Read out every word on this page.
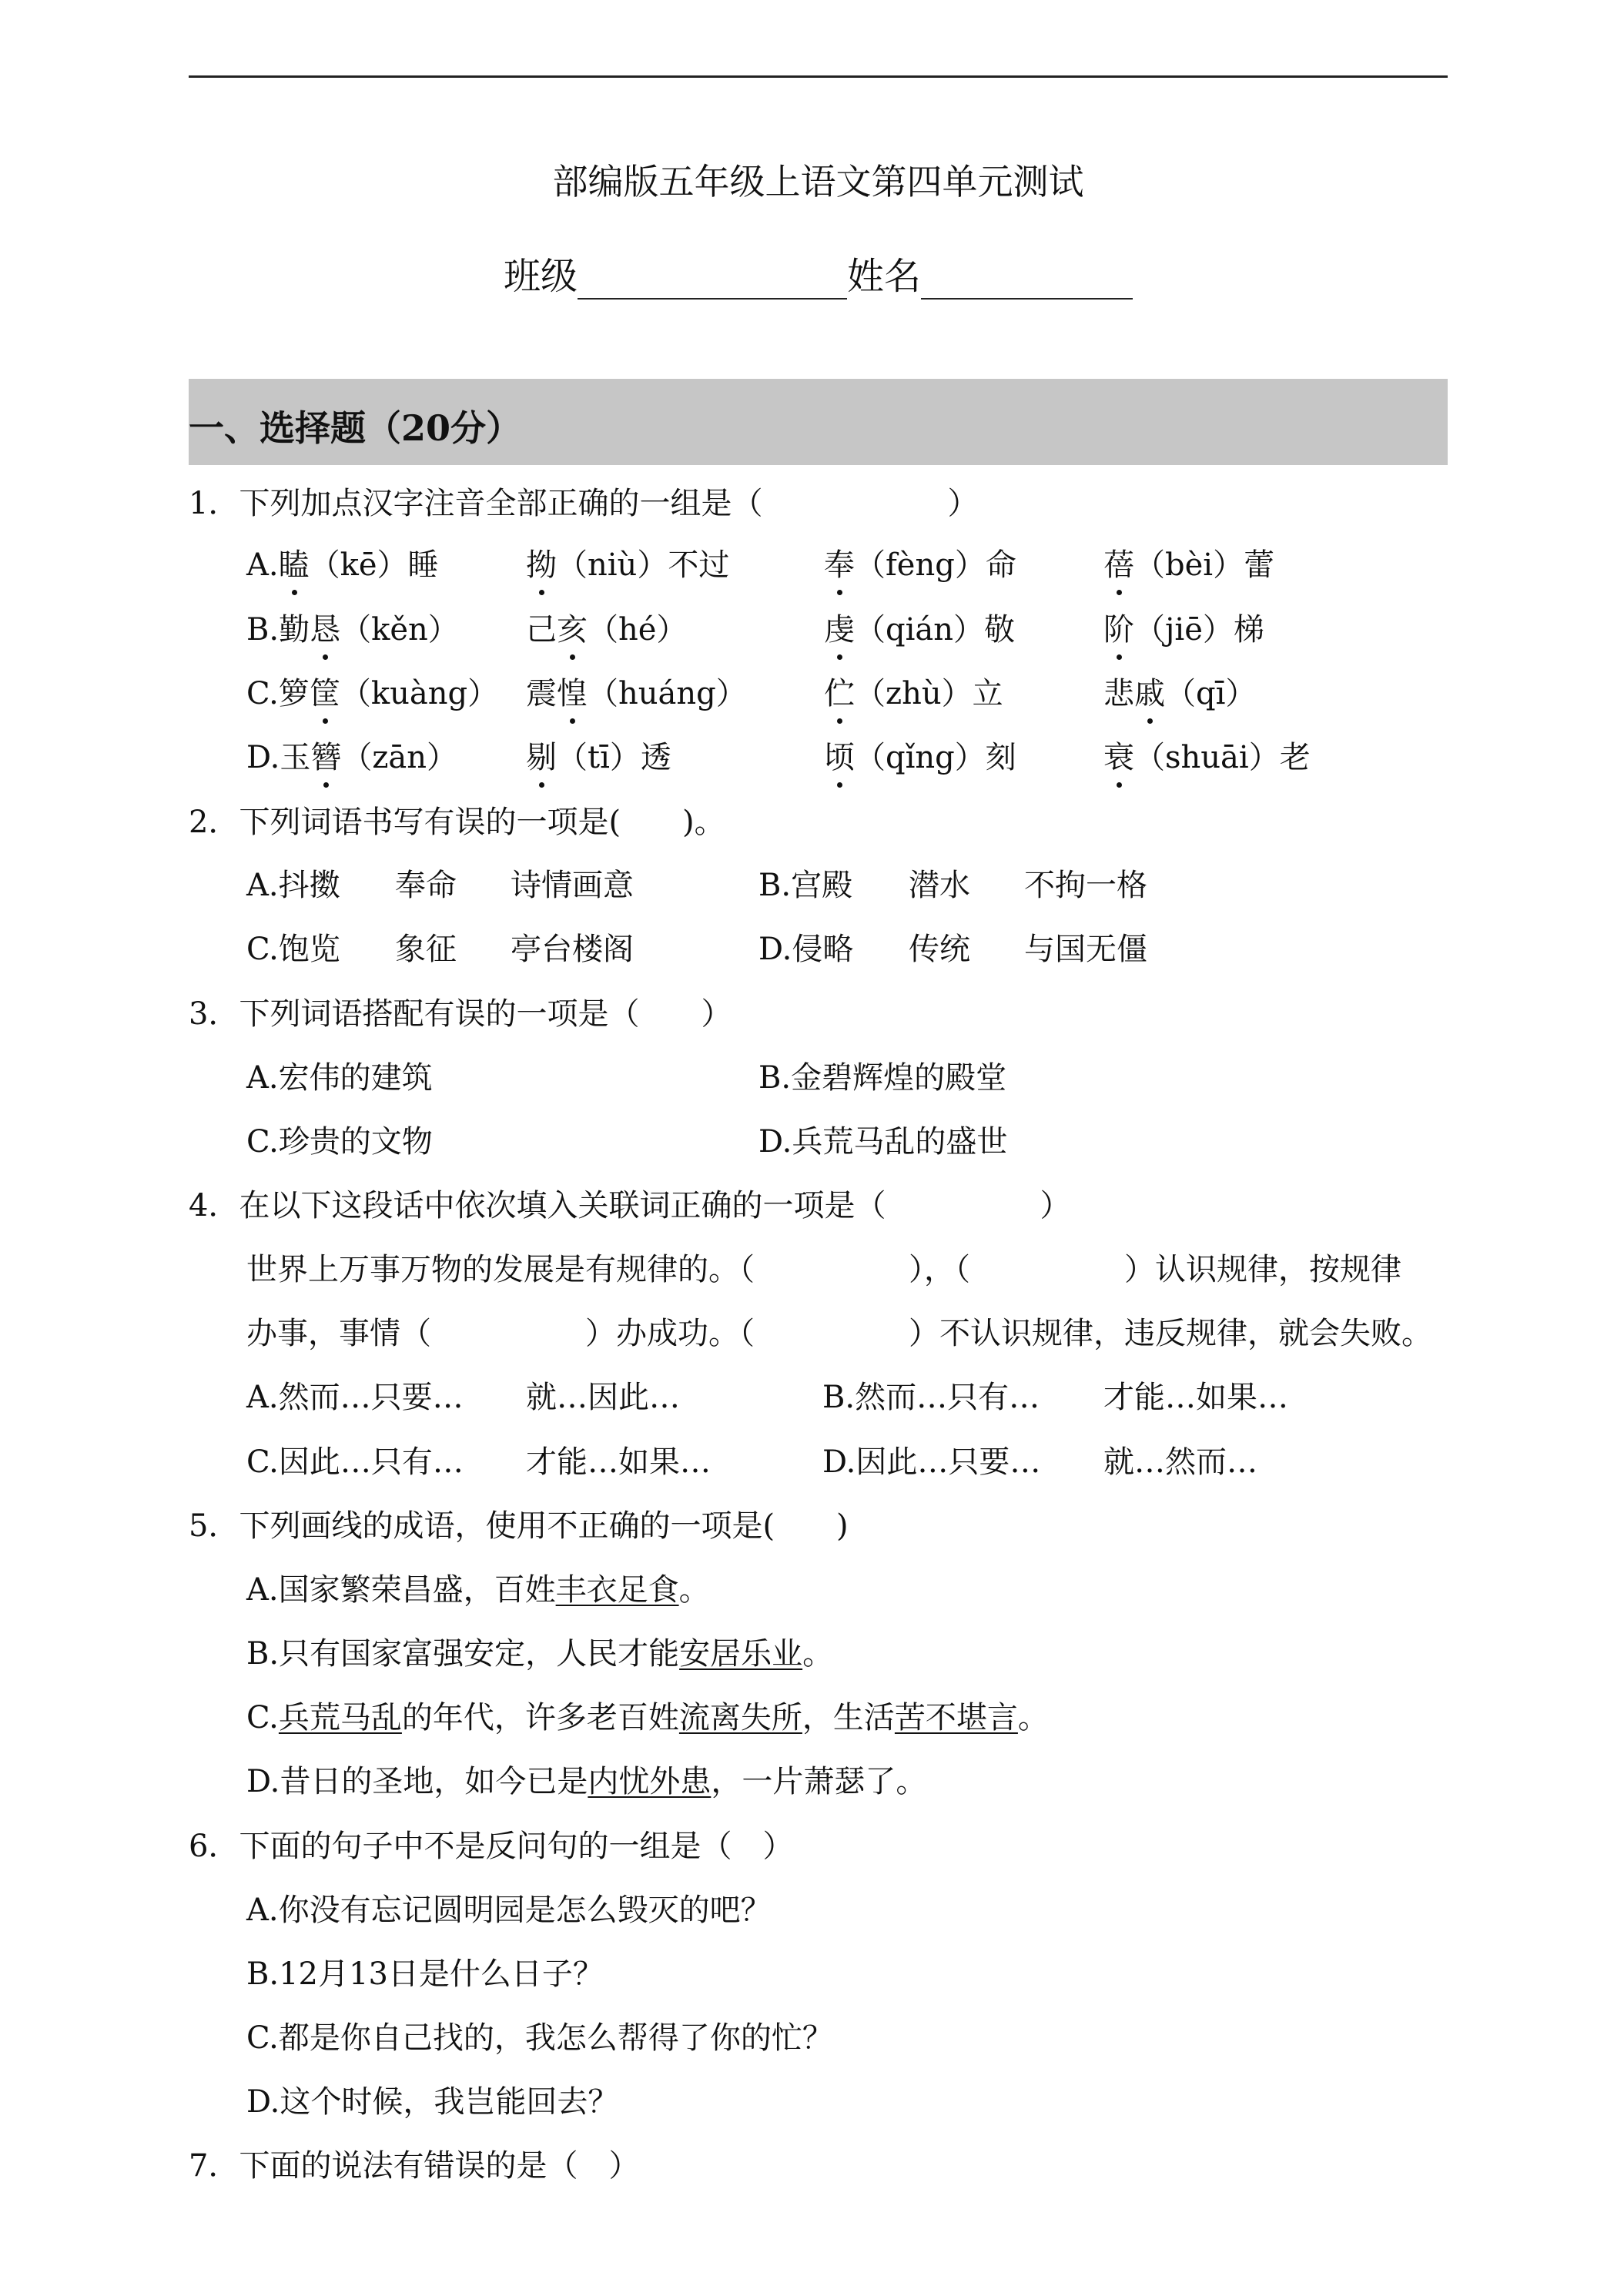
部编版五年级上语文第四单元测试
班级	姓名
一、选择题（20分）
1．下列加点汉字注音全部正确的一组是（　　　　　　）
A.瞌（kē）睡	拗（niù）不过	奉（fèng）命	蓓（bèi）蕾
B.勤恳（kěn） 己亥（hé）	虔（qián）敬	阶（jiē）梯
C.箩筐（kuàng） 震惶（huáng）	伫（zhù）立	悲戚（qī）
D.玉簪（zān） 剔（tī）透	顷（qǐng）刻	衰（shuāi）老
2．下列词语书写有误的一项是(　　)。
A.抖擞 奉命 诗情画意	B.宫殿 潜水 不拘一格
C.饱览 象征 亭台楼阁	D.侵略 传统 与国无僵
3．下列词语搭配有误的一项是（　　）
A.宏伟的建筑	B.金碧辉煌的殿堂
C.珍贵的文物	D.兵荒马乱的盛世
4．在以下这段话中依次填入关联词正确的一项是（　　　　　）
世界上万事万物的发展是有规律的。（　　　　　），（　　　　　）认识规律，按规律
办事，事情（　　　　　）办成功。（　　　　　）不认识规律，违反规律，就会失败。
A.然而…只要… 就…因此…	B.然而…只有… 才能…如果…
C.因此…只有… 才能…如果…	D.因此…只要… 就…然而…
5．下列画线的成语，使用不正确的一项是(　　)
A.国家繁荣昌盛，百姓丰衣足食。
B.只有国家富强安定，人民才能安居乐业。
C.兵荒马乱的年代，许多老百姓流离失所，生活苦不堪言。
D.昔日的圣地，如今已是内忧外患，一片萧瑟了。
6．下面的句子中不是反问句的一组是（　）
A.你没有忘记圆明园是怎么毁灭的吧？
B.12月13日是什么日子？
C.都是你自己找的，我怎么帮得了你的忙？
D.这个时候，我岂能回去？
7．下面的说法有错误的是（　）
